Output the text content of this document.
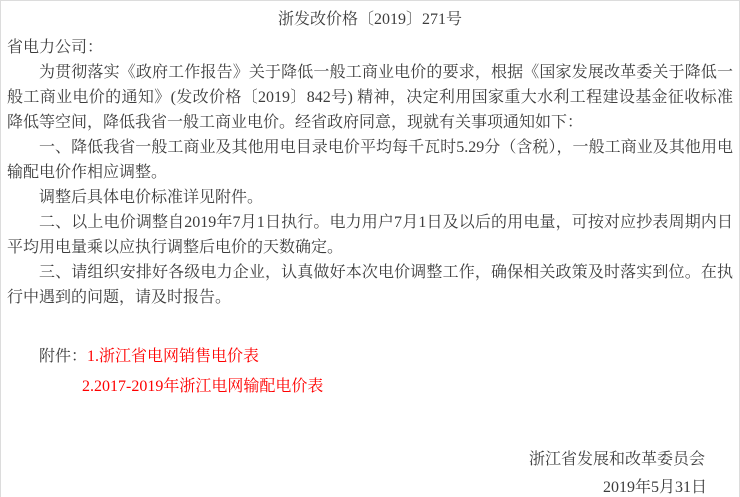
浙发改价格〔2019〕271号
省电力公司：

为贯彻落实《政府工作报告》关于降低一般工商业电价的要求，根据《国家发展改革委关于降低一般工商业电价的通知》(发改价格〔2019〕842号) 精神，决定利用国家重大水利工程建设基金征收标准降低等空间，降低我省一般工商业电价。经省政府同意，现就有关事项通知如下：

一、降低我省一般工商业及其他用电目录电价平均每千瓦时5.29分（含税），一般工商业及其他用电输配电价作相应调整。

调整后具体电价标准详见附件。

二、以上电价调整自2019年7月1日执行。电力用户7月1日及以后的用电量，可按对应抄表周期内日平均用电量乘以应执行调整后电价的天数确定。

三、请组织安排好各级电力企业，认真做好本次电价调整工作，确保相关政策及时落实到位。在执行中遇到的问题，请及时报告。

附件：1.浙江省电网销售电价表
2.2017-2019年浙江电网输配电价表
浙江省发展和改革委员会
2019年5月31日
